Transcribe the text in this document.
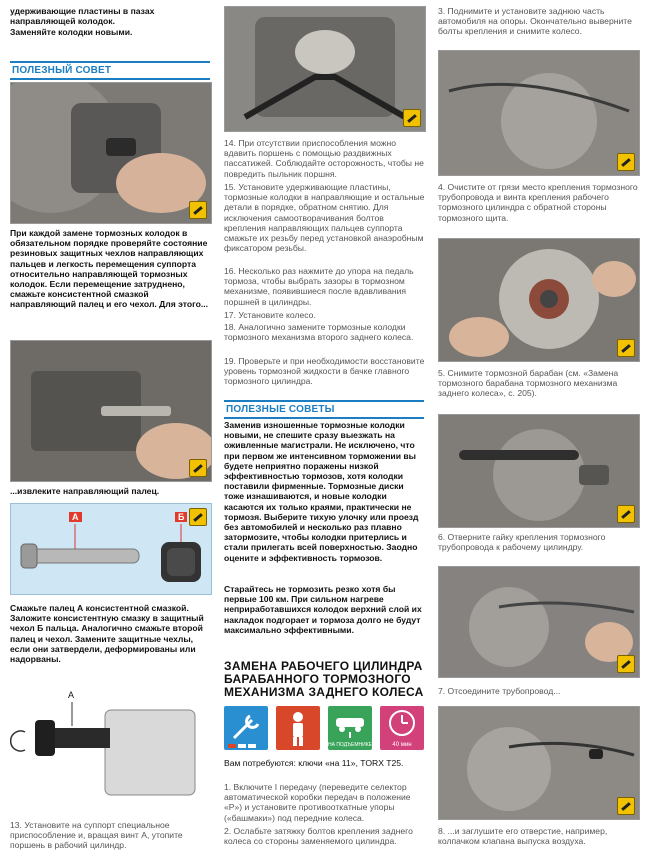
удерживающие пластины в пазах направляющей колодок.

Заменяйте колодки новыми.

ПОЛЕЗНЫЙ СОВЕТ

При каждой замене тормозных колодок в обязательном порядке проверяйте состояние резиновых защитных чехлов направляющих пальцев и легкость перемещения суппорта относительно направляющей тормозных колодок. Если перемещение затруднено, смажьте консистентной смазкой направляющий палец и его чехол. Для этого...

...извлеките направляющий палец.

А	Б

Смажьте палец А консистентной смазкой. Заложите консистентную смазку в защитный чехол Б пальца. Аналогично смажьте второй палец и чехол. Замените защитные чехлы, если они затвердели, деформированы или надорваны.

А

13. Установите на суппорт специальное приспособление и, вращая винт А, утопите поршень в рабочий цилиндр.

14. При отсутствии приспособления можно вдавить поршень с помощью раздвижных пассатижей. Соблюдайте осторожность, чтобы не повредить пыльник поршня.

15. Установите удерживающие пластины, тормозные колодки в направляющие и остальные детали в порядке, обратном снятию. Для исключения самоотворачивания болтов крепления направляющих пальцев суппорта смажьте их резьбу перед установкой анаэробным фиксатором резьбы.

16. Несколько раз нажмите до упора на педаль тормоза, чтобы выбрать зазоры в тормозном механизме, появившиеся после вдавливания поршней в цилиндры.

17. Установите колесо.

18. Аналогично замените тормозные колодки тормозного механизма второго заднего колеса.

19. Проверьте и при необходимости восстановите уровень тормозной жидкости в бачке главного тормозного цилиндра.

ПОЛЕЗНЫЕ СОВЕТЫ

Заменив изношенные тормозные колодки новыми, не спешите сразу выезжать на оживленные магистрали. Не исключено, что при первом же интенсивном торможении вы будете неприятно поражены низкой эффективностью тормозов, хотя колодки поставили фирменные. Тормозные диски тоже изнашиваются, и новые колодки касаются их только краями, практически не тормозя. Выберите тихую улочку или проезд без автомобилей и несколько раз плавно затормозите, чтобы колодки притерлись и стали прилегать всей поверхностью. Заодно оцените и эффективность тормозов.

Старайтесь не тормозить резко хотя бы первые 100 км. При сильном нагреве неприработавшихся колодок верхний слой их накладок подгорает и тормоза долго не будут максимально эффективными.

ЗАМЕНА РАБОЧЕГО ЦИЛИНДРА
БАРАБАННОГО ТОРМОЗНОГО
МЕХАНИЗМА ЗАДНЕГО КОЛЕСА
НА ПОДЪЕМНИКЕ	40 мин

Вам потребуются: ключи «на 11», TORX T25.

1. Включите I передачу (переведите селектор автоматической коробки передач в положение «P») и установите противооткатные упоры («башмаки») под передние колеса.

2. Ослабьте затяжку болтов крепления заднего колеса со стороны заменяемого цилиндра.

3. Поднимите и установите заднюю часть автомобиля на опоры. Окончательно выверните болты крепления и снимите колесо.

4. Очистите от грязи место крепления тормозного трубопровода и винта крепления рабочего тормозного цилиндра с обратной стороны тормозного щита.

5. Снимите тормозной барабан (см. «Замена тормозного барабана тормозного механизма заднего колеса», с. 205).

6. Отверните гайку крепления тормозного трубопровода к рабочему цилиндру.

7. Отсоедините трубопровод...

8. ...и заглушите его отверстие, например, колпачком клапана выпуска воздуха.
